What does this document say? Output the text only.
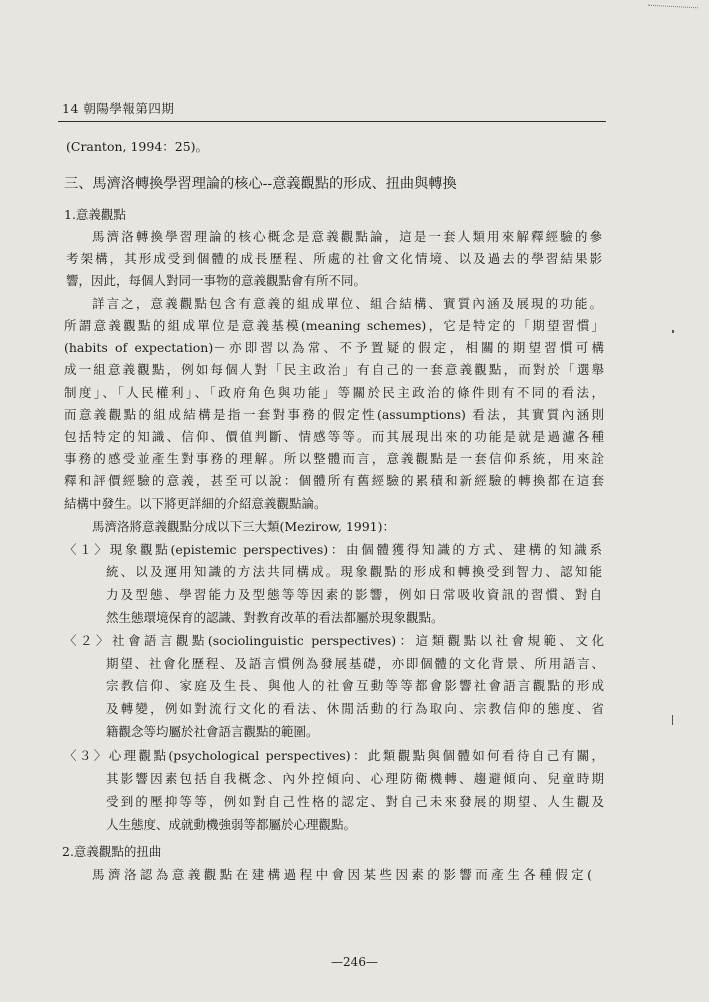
14 朝陽學報第四期
(Cranton, 1994：25)。
三、馬濟洛轉換學習理論的核心--意義觀點的形成、扭曲與轉換
1.意義觀點
馬濟洛轉換學習理論的核心概念是意義觀點論，這是一套人類用來解釋經驗的參
考架構，其形成受到個體的成長歷程、所處的社會文化情境、以及過去的學習結果影
響，因此，每個人對同一事物的意義觀點會有所不同。
詳言之，意義觀點包含有意義的組成單位、組合結構、實質內涵及展現的功能。
所謂意義觀點的組成單位是意義基模(meaning schemes)，它是特定的「期望習慣」
(habits of expectation)－亦即習以為常、不予置疑的假定，相關的期望習慣可構
成一組意義觀點，例如每個人對「民主政治」有自己的一套意義觀點，而對於「選舉
制度」、「人民權利」、「政府角色與功能」等關於民主政治的條件則有不同的看法，
而意義觀點的組成結構是指一套對事務的假定性(assumptions) 看法，其實質內涵則
包括特定的知識、信仰、價值判斷、情感等等。而其展現出來的功能是就是過濾各種
事務的感受並產生對事務的理解。所以整體而言，意義觀點是一套信仰系統，用來詮
釋和評價經驗的意義，甚至可以說：個體所有舊經驗的累積和新經驗的轉換都在這套
結構中發生。以下將更詳細的介紹意義觀點論。
馬濟洛將意義觀點分成以下三大類(Mezirow, 1991)：
〈１〉現象觀點(epistemic perspectives)：由個體獲得知識的方式、建構的知識系
統、以及運用知識的方法共同構成。現象觀點的形成和轉換受到智力、認知能
力及型態、學習能力及型態等等因素的影響，例如日常吸收資訊的習慣、對自
然生態環境保育的認識、對教育改革的看法都屬於現象觀點。
〈２〉社會語言觀點(sociolinguistic perspectives)：這類觀點以社會規範、文化
期望、社會化歷程、及語言慣例為發展基礎，亦即個體的文化背景、所用語言、
宗教信仰、家庭及生長、與他人的社會互動等等都會影響社會語言觀點的形成
及轉變，例如對流行文化的看法、休閒活動的行為取向、宗教信仰的態度、省
籍觀念等均屬於社會語言觀點的範圍。
〈３〉心理觀點(psychological perspectives)：此類觀點與個體如何看待自己有關，
其影響因素包括自我概念、內外控傾向、心理防衛機轉、趨避傾向、兒童時期
受到的壓抑等等，例如對自己性格的認定、對自己未來發展的期望、人生觀及
人生態度、成就動機強弱等都屬於心理觀點。
2.意義觀點的扭曲
馬濟洛認為意義觀點在建構過程中會因某些因素的影響而產生各種假定(
—246—
